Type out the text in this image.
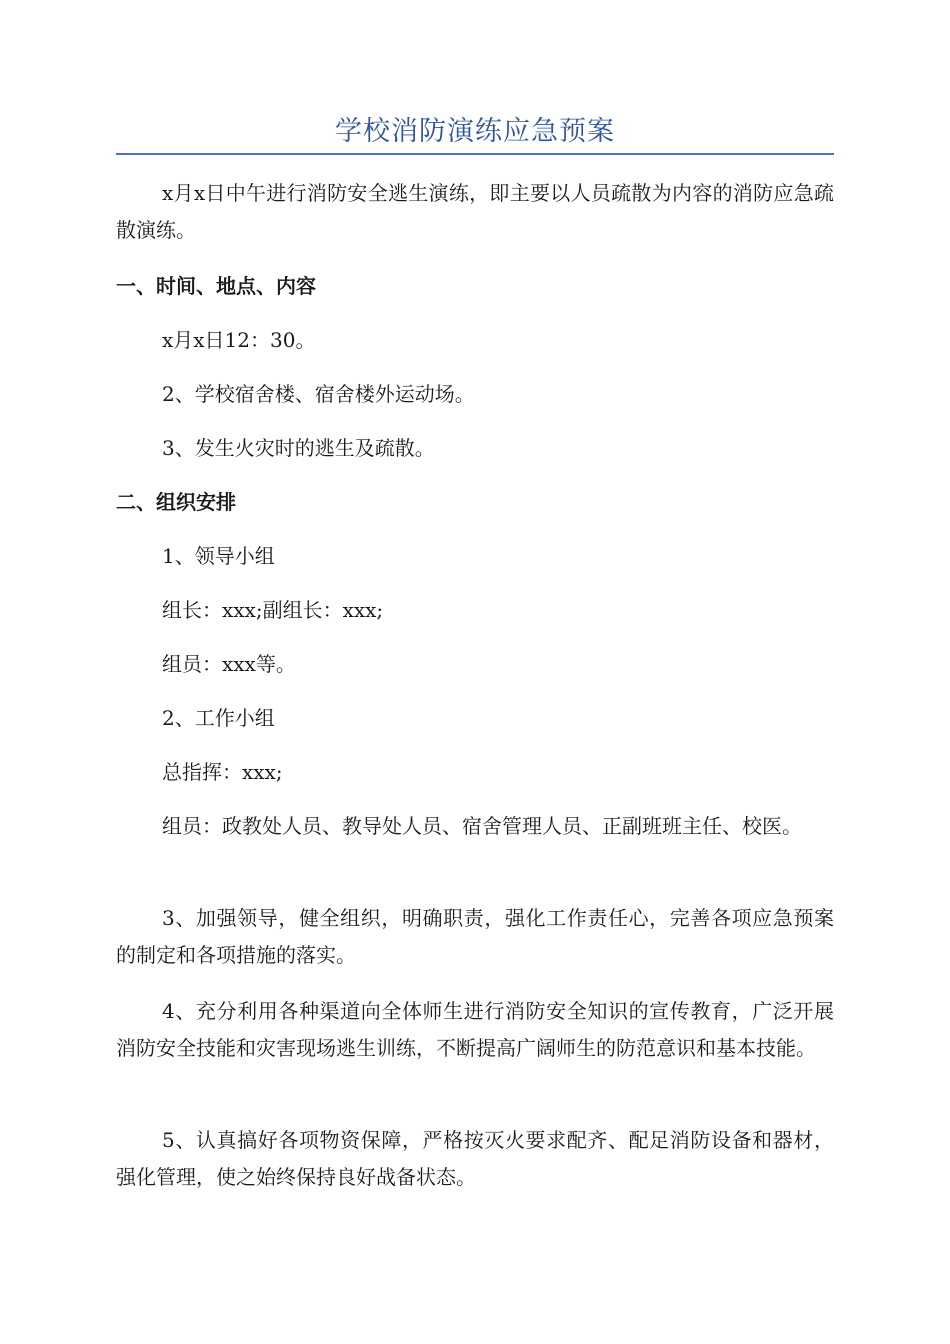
学校消防演练应急预案

x月x日中午进行消防安全逃生演练，即主要以人员疏散为内容的消防应急疏散演练。

一、时间、地点、内容

x月x日12：30。

2、学校宿舍楼、宿舍楼外运动场。

3、发生火灾时的逃生及疏散。

二、组织安排

1、领导小组

组长：xxx;副组长：xxx;

组员：xxx等。

2、工作小组

总指挥：xxx;

组员：政教处人员、教导处人员、宿舍管理人员、正副班班主任、校医。

3、加强领导，健全组织，明确职责，强化工作责任心，完善各项应急预案的制定和各项措施的落实。

4、充分利用各种渠道向全体师生进行消防安全知识的宣传教育，广泛开展消防安全技能和灾害现场逃生训练，不断提高广阔师生的防范意识和基本技能。

5、认真搞好各项物资保障，严格按灭火要求配齐、配足消防设备和器材，强化管理，使之始终保持良好战备状态。
